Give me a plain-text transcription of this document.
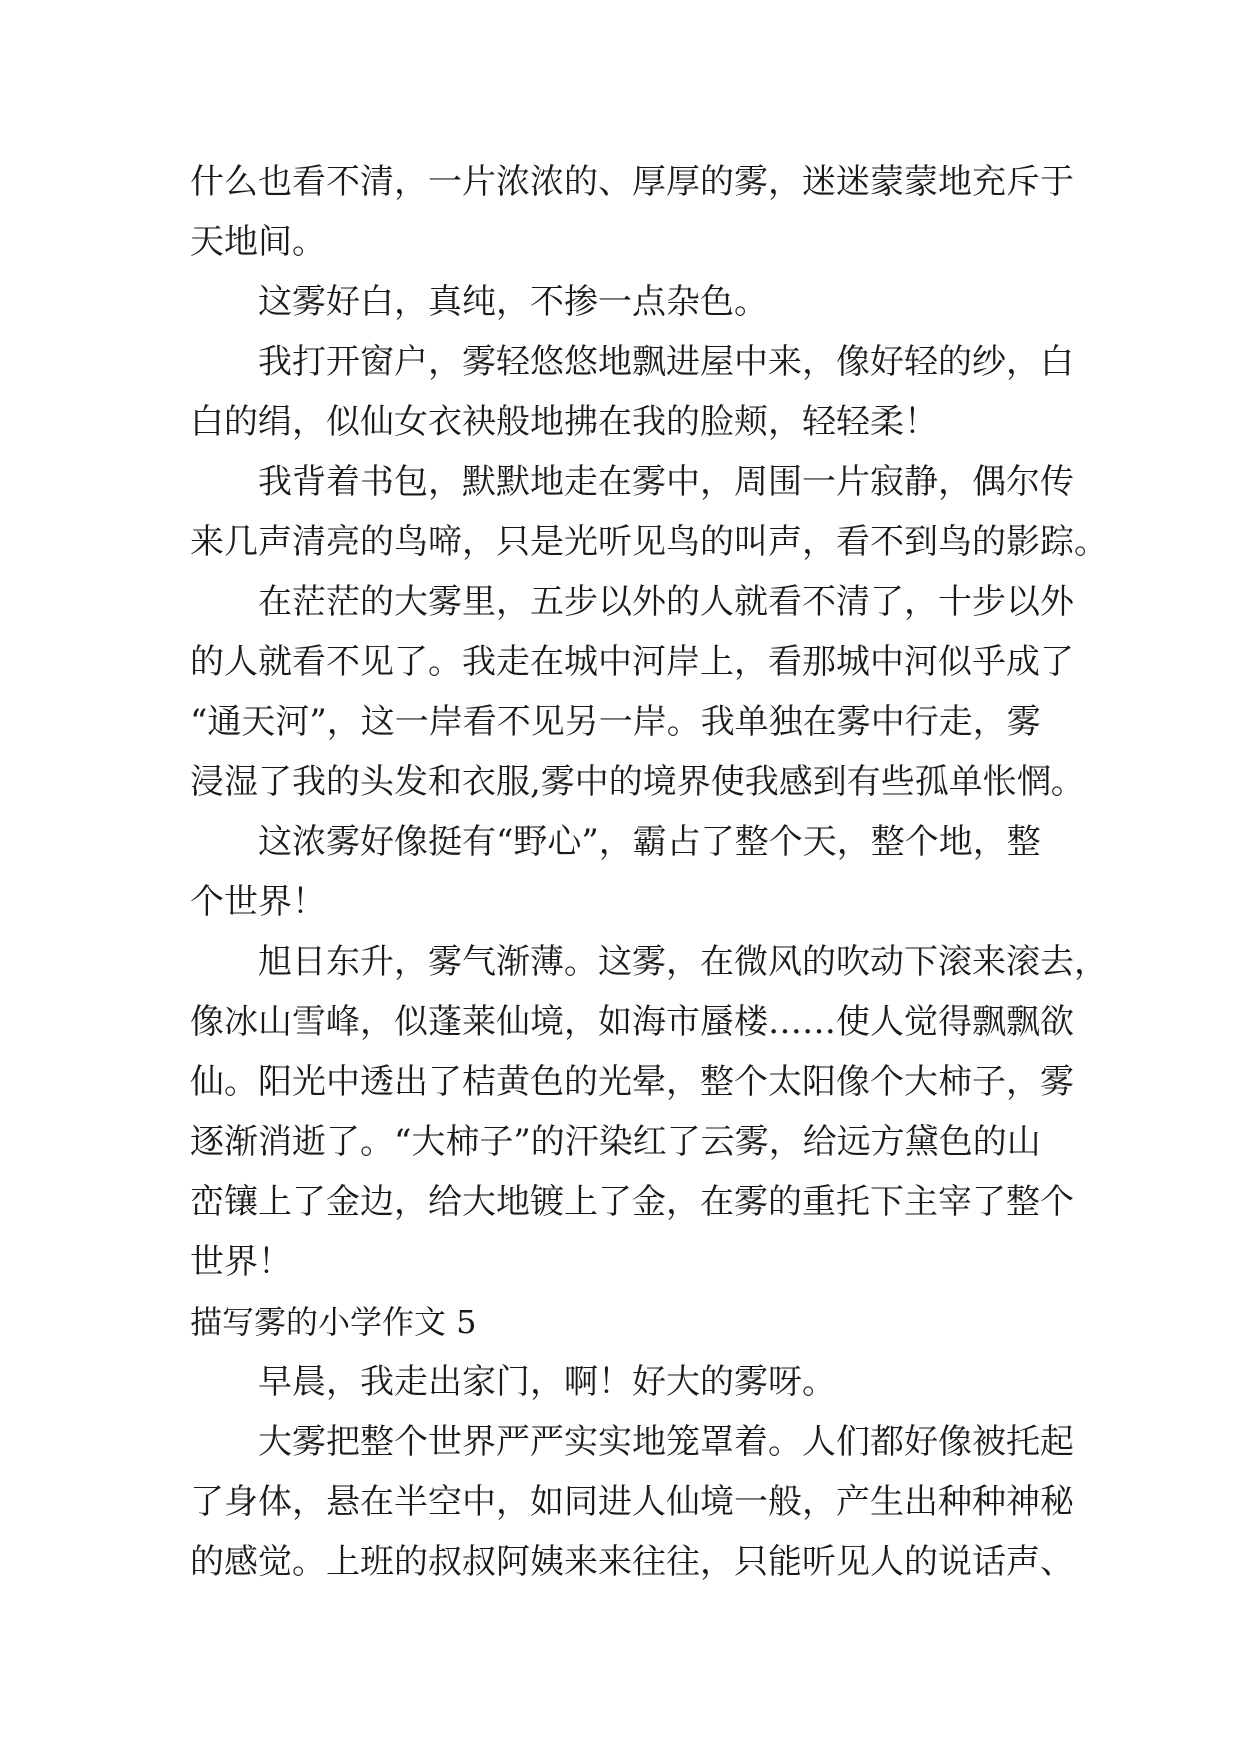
什么也看不清，一片浓浓的、厚厚的雾，迷迷蒙蒙地充斥于
天地间。
这雾好白，真纯，不掺一点杂色。
我打开窗户，雾轻悠悠地飘进屋中来，像好轻的纱，白
白的绢，似仙女衣袂般地拂在我的脸颊，轻轻柔！
我背着书包，默默地走在雾中，周围一片寂静，偶尔传
来几声清亮的鸟啼，只是光听见鸟的叫声，看不到鸟的影踪。
在茫茫的大雾里，五步以外的人就看不清了，十步以外
的人就看不见了。我走在城中河岸上，看那城中河似乎成了
“通天河”，这一岸看不见另一岸。我单独在雾中行走，雾
浸湿了我的头发和衣服,雾中的境界使我感到有些孤单怅惘。
这浓雾好像挺有“野心”，霸占了整个天，整个地，整
个世界！
旭日东升，雾气渐薄。这雾，在微风的吹动下滚来滚去，
像冰山雪峰，似蓬莱仙境，如海市蜃楼……使人觉得飘飘欲
仙。阳光中透出了桔黄色的光晕，整个太阳像个大柿子，雾
逐渐消逝了。“大柿子”的汗染红了云雾，给远方黛色的山
峦镶上了金边，给大地镀上了金，在雾的重托下主宰了整个
世界！
描写雾的小学作文 5
早晨，我走出家门，啊！好大的雾呀。
大雾把整个世界严严实实地笼罩着。人们都好像被托起
了身体，悬在半空中，如同进人仙境一般，产生出种种神秘
的感觉。上班的叔叔阿姨来来往往，只能听见人的说话声、
